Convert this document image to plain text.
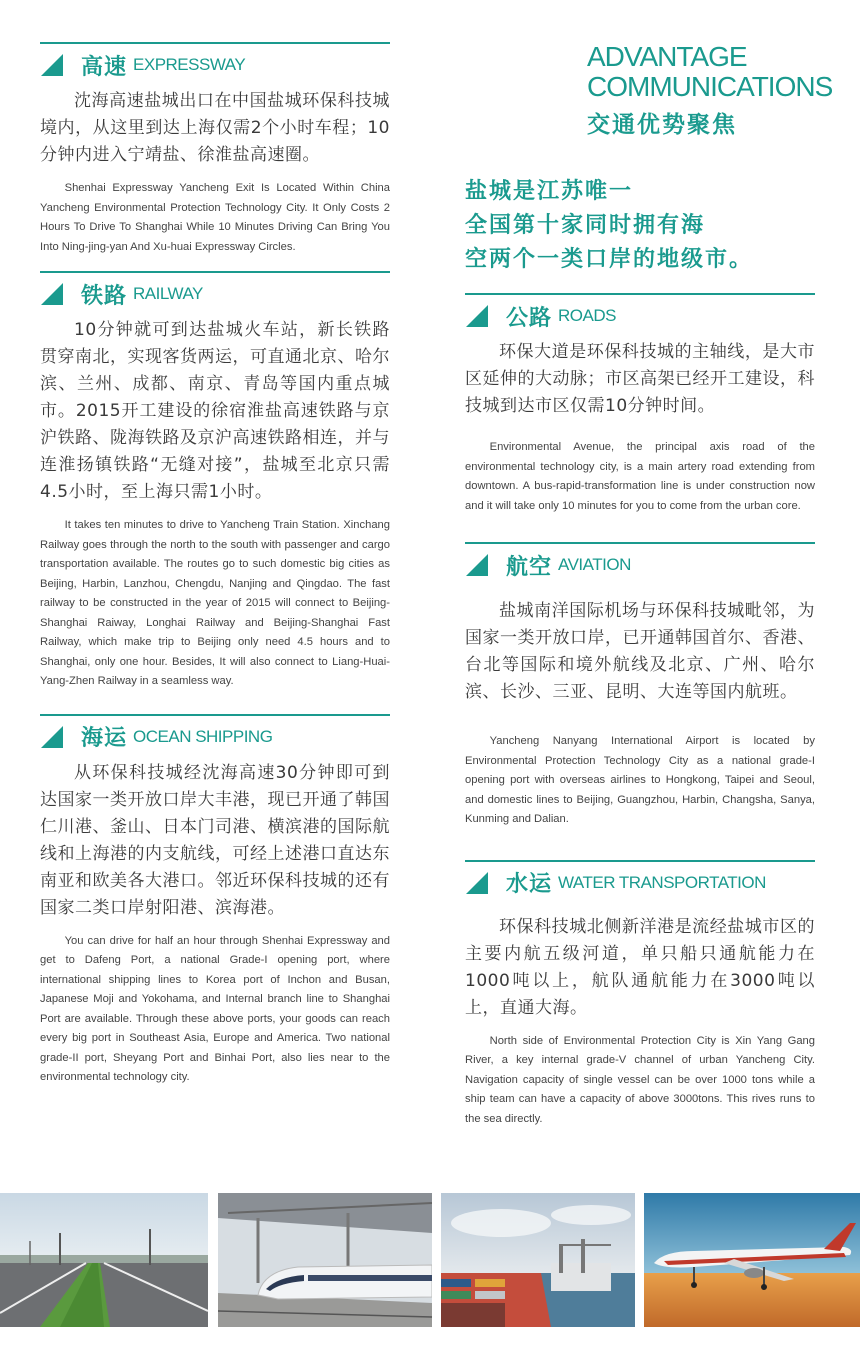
高速 EXPRESSWAY

沈海高速盐城出口在中国盐城环保科技城境内，从这里到达上海仅需2个小时车程；10分钟内进入宁靖盐、徐淮盐高速圈。

Shenhai Expressway Yancheng Exit Is Located Within China Yancheng Environmental Protection Technology City. It Only Costs 2 Hours To Drive To Shanghai While 10 Minutes Driving Can Bring You Into Ning-jing-yan And Xu-huai Expressway Circles.

铁路 RAILWAY

10分钟就可到达盐城火车站，新长铁路贯穿南北，实现客货两运，可直通北京、哈尔滨、兰州、成都、南京、青岛等国内重点城市。2015开工建设的徐宿淮盐高速铁路与京沪铁路、陇海铁路及京沪高速铁路相连，并与连淮扬镇铁路“无缝对接”，盐城至北京只需4.5小时，至上海只需1小时。

It takes ten minutes to drive to Yancheng Train Station. Xinchang Railway goes through the north to the south with passenger and cargo transportation available. The routes go to such domestic big cities as Beijing, Harbin, Lanzhou, Chengdu, Nanjing and Qingdao. The fast railway to be constructed in the year of 2015 will connect to Beijing-Shanghai Raiway, Longhai Railway and Beijing-Shanghai Fast Railway, which make trip to Beijing only need 4.5 hours and to Shanghai, only one hour. Besides, It will also connect to Liang-Huai-Yang-Zhen Railway in a seamless way.

海运 OCEAN SHIPPING

从环保科技城经沈海高速30分钟即可到达国家一类开放口岸大丰港，现已开通了韩国仁川港、釜山、日本门司港、横滨港的国际航线和上海港的内支航线，可经上述港口直达东南亚和欧美各大港口。邻近环保科技城的还有国家二类口岸射阳港、滨海港。

You can drive for half an hour through Shenhai Expressway and get to Dafeng Port, a national Grade-I opening port, where international shipping lines to Korea port of Inchon and Busan, Japanese Moji and Yokohama, and Internal branch line to Shanghai Port are available. Through these above ports, your goods can reach every big port in Southeast Asia, Europe and America. Two national grade-II port, Sheyang Port and Binhai Port, also lies near to the environmental technology city.

ADVANTAGE
COMMUNICATIONS
交通优势聚焦
盐城是江苏唯一
全国第十家同时拥有海
空两个一类口岸的地级市。
公路 ROADS

环保大道是环保科技城的主轴线，是大市区延伸的大动脉；市区高架已经开工建设，科技城到达市区仅需10分钟时间。

Environmental Avenue, the principal axis road of the environmental technology city, is a main artery road extending from downtown. A bus-rapid-transformation line is under construction now and it will take only 10 minutes for you to come from the urban core.

航空 AVIATION

盐城南洋国际机场与环保科技城毗邻，为国家一类开放口岸，已开通韩国首尔、香港、台北等国际和境外航线及北京、广州、哈尔滨、长沙、三亚、昆明、大连等国内航班。

Yancheng Nanyang International Airport is located by Environmental Protection Technology City as a national grade-I opening port with overseas airlines to Hongkong, Taipei and Seoul, and domestic lines to Beijing, Guangzhou, Harbin, Changsha, Sanya, Kunming and Dalian.

水运 WATER TRANSPORTATION

环保科技城北侧新洋港是流经盐城市区的主要内航五级河道，单只船只通航能力在1000吨以上，航队通航能力在3000吨以上，直通大海。

North side of Environmental Protection City is Xin Yang Gang River, a key internal grade-V channel of urban Yancheng City. Navigation capacity of single vessel can be over 1000 tons while a ship team can have a capacity of above 3000tons. This rives runs to the sea directly.
